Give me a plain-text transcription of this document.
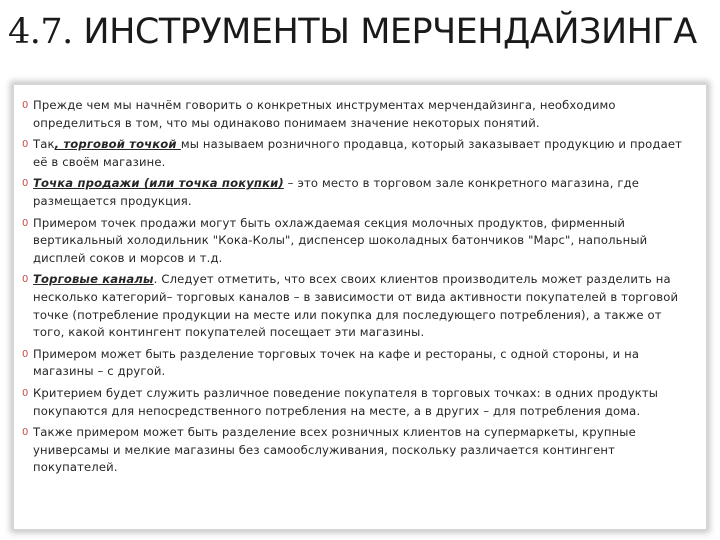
4.7. ИНСТРУМЕНТЫ МЕРЧЕНДАЙЗИНГА
0 Прежде чем мы начнём говорить о конкретных инструментах мерчендайзинга, необходимо определиться в том, что мы одинаково понимаем значение некоторых понятий.
0 Так, торговой точкой мы называем розничного продавца, который заказывает продукцию и продает её в своём магазине.
0 Точка продажи (или точка покупки) – это место в торговом зале конкретного магазина, где размещается продукция.
0 Примером точек продажи могут быть охлаждаемая секция молочных продуктов, фирменный вертикальный холодильник "Кока-Колы", диспенсер шоколадных батончиков "Марс", напольный дисплей соков и морсов и т.д.
0 Торговые каналы. Следует отметить, что всех своих клиентов производитель может разделить на несколько категорий– торговых каналов – в зависимости от вида активности покупателей в торговой точке (потребление продукции на месте или покупка для последующего потребления), а также от того, какой контингент покупателей посещает эти магазины.
0 Примером может быть разделение торговых точек на кафе и рестораны, с одной стороны, и на магазины – с другой.
0 Критерием будет служить различное поведение покупателя в торговых точках: в одних продукты покупаются для непосредственного потребления на месте, а в других – для потребления дома.
0 Также примером может быть разделение всех розничных клиентов на супермаркеты, крупные универсамы и мелкие магазины без самообслуживания, поскольку различается контингент покупателей.
